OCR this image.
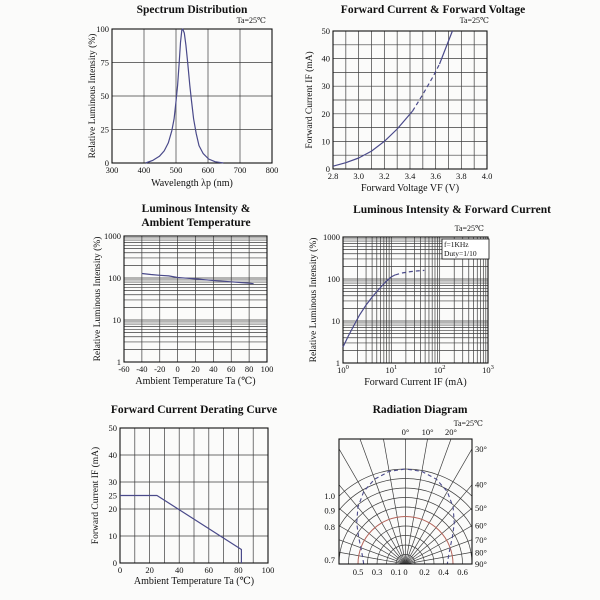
300 400 500 600 700 800
0
25
50
75
100
Spectrum Distribution
Ta=25℃
Wavelength λp (nm)
Relative Luminous Intensity (%)
2.8 3.0 3.2 3.4 3.6 3.8 4.0
0
10
20
30
40
50
Forward Current & Forward Voltage
Ta=25℃
Forward Voltage VF (V)
Forward Current IF (mA)
-60 -40 -20 0 20 40 60 80 100
1
10
100
1000
Luminous Intensity &
Ambient Temperature
Ambient Temperature Ta (℃)
Relative Luminous Intensity (%)
$10^0$	$10^1$	$10^2$	$10^3$
1
10
100
1000
Luminous Intensity & Forward Current
Ta=25℃
f=1KHz
Duty=1/10
Forward Current IF (mA)
Relative Luminous Intensity (%)
0	20 40 60 80 100
0
10
20
25
30
40
50
Forward Current Derating Curve
Ambient Temperature Ta (℃)
Forward Current IF (mA)
0° 10° 20°
30°
40°
50°
60°
70°
80°
90°
1.0
0.9
0.8
0.7
0.5 0.3 0.1 0 0.2 0.4 0.6
Radiation Diagram
Ta=25℃
